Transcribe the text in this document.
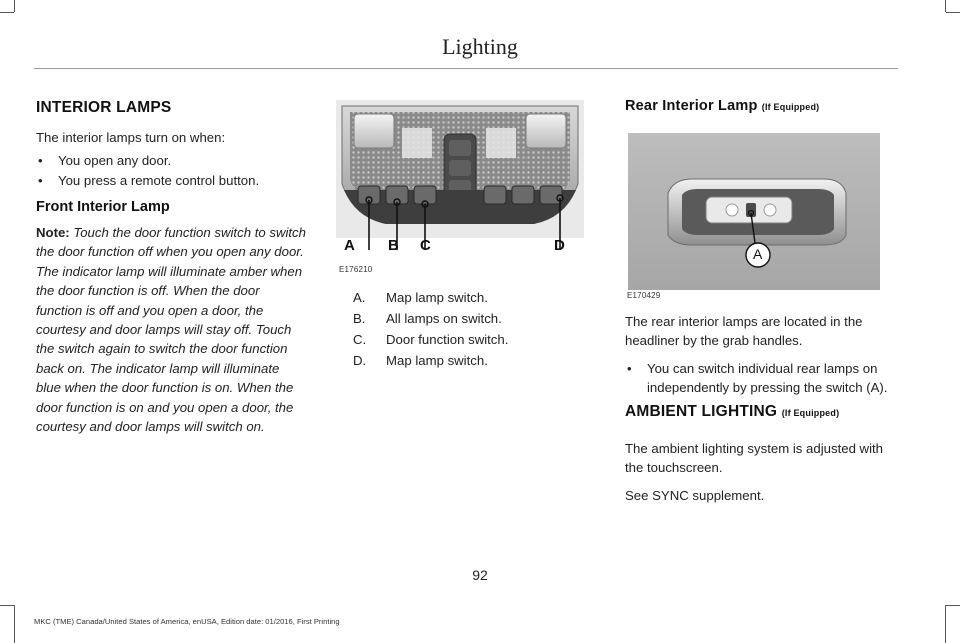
Lighting
INTERIOR LAMPS

The interior lamps turn on when:

• You open any door.
• You press a remote control button.
Front Interior Lamp

Note: Touch the door function switch to switch the door function off when you open any door. The indicator lamp will illuminate amber when the door function is off. When the door function is off and you open a door, the courtesy and door lamps will stay off. Touch the switch again to switch the door function back on. The indicator lamp will illuminate blue when the door function is on. When the door function is on and you open a door, the courtesy and door lamps will switch on.

A B C	D
E176210
A. Map lamp switch.
B. All lamps on switch.
C. Door function switch.
D. Map lamp switch.
Rear Interior Lamp (If Equipped)
A
E170429

The rear interior lamps are located in the headliner by the grab handles.

• You can switch individual rear lamps on independently by pressing the switch (A).
AMBIENT LIGHTING (If Equipped)

The ambient lighting system is adjusted with the touchscreen.

See SYNC supplement.

92
MKC (TME) Canada/United States of America, enUSA, Edition date: 01/2016, First Printing
